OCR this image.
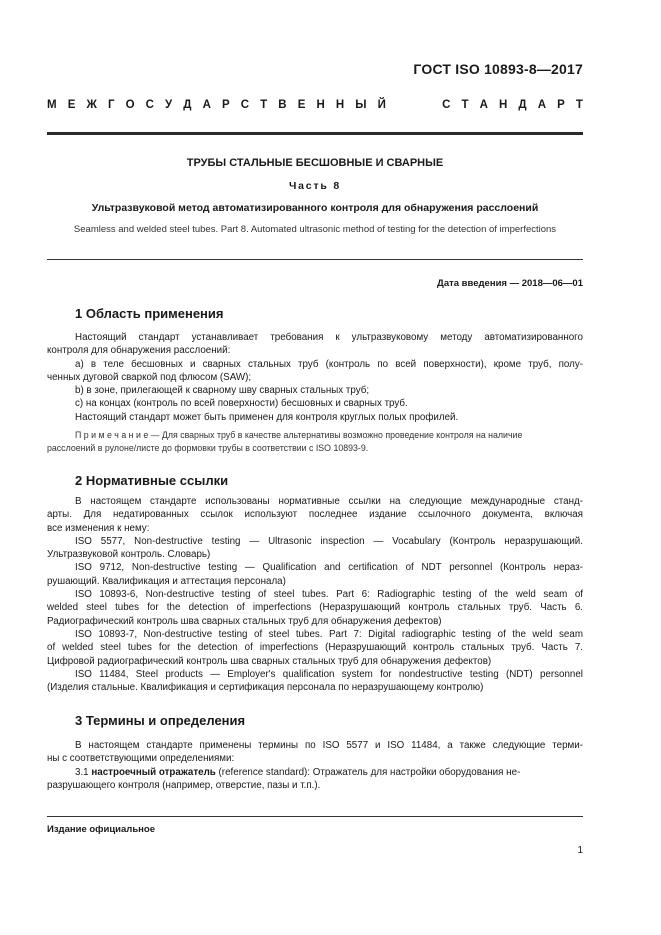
ГОСТ ISO 10893-8—2017
М Е Ж Г О С У Д А Р С Т В Е Н Н Ы Й	С Т А Н Д А Р Т
ТРУБЫ СТАЛЬНЫЕ БЕСШОВНЫЕ И СВАРНЫЕ
Часть 8
Ультразвуковой метод автоматизированного контроля для обнаружения расслоений
Seamless and welded steel tubes. Part 8. Automated ultrasonic method of testing for the detection of imperfections
Дата введения — 2018—06—01
1 Область применения
Настоящий стандарт устанавливает требования к ультразвуковому методу автоматизированного
контроля для обнаружения расслоений:
a) в теле бесшовных и сварных стальных труб (контроль по всей поверхности), кроме труб, полу-
ченных дуговой сваркой под флюсом (SAW);
b) в зоне, прилегающей к сварному шву сварных стальных труб;
c) на концах (контроль по всей поверхности) бесшовных и сварных труб.
Настоящий стандарт может быть применен для контроля круглых полых профилей.
П р и м е ч а н и е — Для сварных труб в качестве альтернативы возможно проведение контроля на наличие
расслоений в рулоне/листе до формовки трубы в соответствии с ISO 10893-9.
2 Нормативные ссылки
В настоящем стандарте использованы нормативные ссылки на следующие международные станд-
арты. Для недатированных ссылок используют последнее издание ссылочного документа, включая
все изменения к нему:
ISO 5577, Non-destructive testing — Ultrasonic inspection — Vocabulary (Контроль неразрушающий.
Ультразвуковой контроль. Словарь)
ISO 9712, Non-destructive testing — Qualification and certification of NDT personnel (Контроль нераз-
рушающий. Квалификация и аттестация персонала)
ISO 10893-6, Non-destructive testing of steel tubes. Part 6: Radiographic testing of the weld seam of
welded steel tubes for the detection of imperfections (Неразрушающий контроль стальных труб. Часть 6.
Радиографический контроль шва сварных стальных труб для обнаружения дефектов)
ISO 10893-7, Non-destructive testing of steel tubes. Part 7: Digital radiographic testing of the weld seam
of welded steel tubes for the detection of imperfections (Неразрушающий контроль стальных труб. Часть 7.
Цифровой радиографический контроль шва сварных стальных труб для обнаружения дефектов)
ISO 11484, Steel products — Employer's qualification system for nondestructive testing (NDT) personnel
(Изделия стальные. Квалификация и сертификация персонала по неразрушающему контролю)
3 Термины и определения
В настоящем стандарте применены термины по ISO 5577 и ISO 11484, а также следующие терми-
ны с соответствующими определениями:
3.1 настроечный отражатель (reference standard): Отражатель для настройки оборудования не-
разрушающего контроля (например, отверстие, пазы и т.п.).
Издание официальное
1
